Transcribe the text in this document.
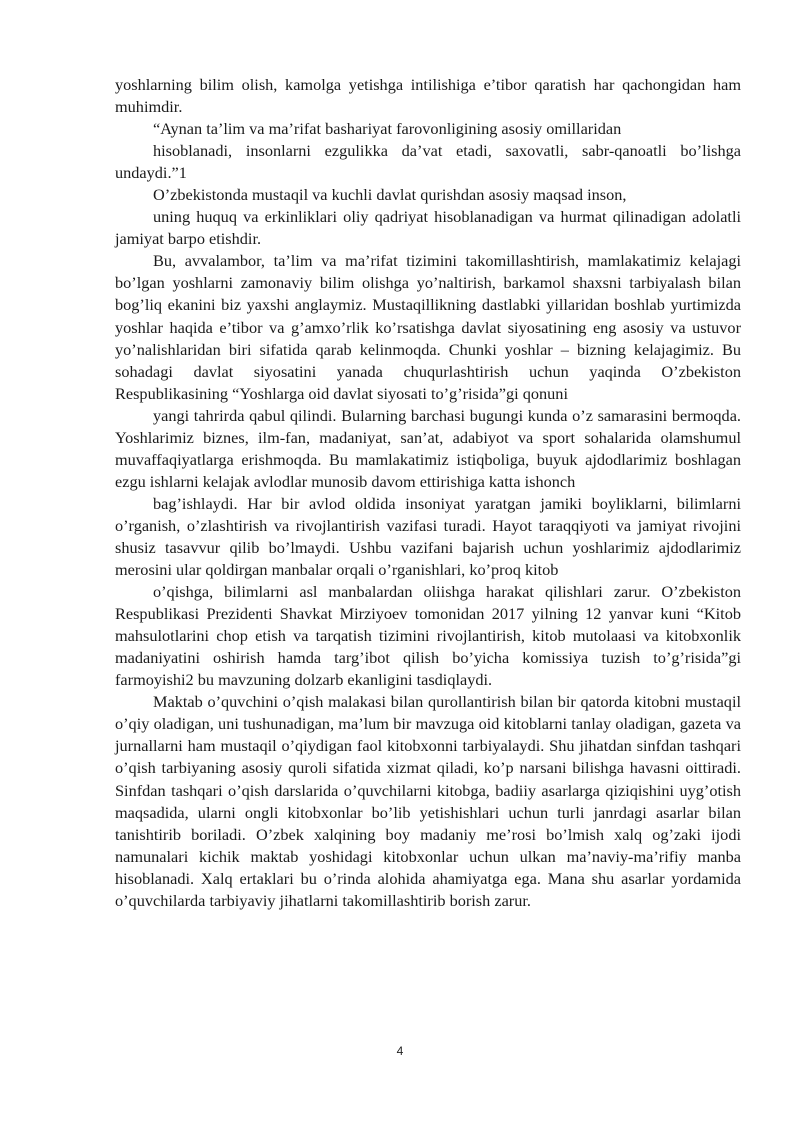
yoshlarning bilim olish, kamolga yetishga intilishiga e’tibor qaratish har qachongidan ham muhimdir.

“Aynan ta’lim va ma’rifat bashariyat farovonligining asosiy omillaridan

hisoblanadi, insonlarni ezgulikka da’vat etadi, saxovatli, sabr-qanoatli bo’lishga undaydi.”1

O’zbekistonda mustaqil va kuchli davlat qurishdan asosiy maqsad inson,

uning huquq va erkinliklari oliy qadriyat hisoblanadigan va hurmat qilinadigan adolatli jamiyat barpo etishdir.

Bu, avvalambor, ta’lim va ma’rifat tizimini takomillashtirish, mamlakatimiz kelajagi bo’lgan yoshlarni zamonaviy bilim olishga yo’naltirish, barkamol shaxsni tarbiyalash bilan bog’liq ekanini biz yaxshi anglaymiz. Mustaqillikning dastlabki yillaridan boshlab yurtimizda yoshlar haqida e’tibor va g’amxo’rlik ko’rsatishga davlat siyosatining eng asosiy va ustuvor yo’nalishlaridan biri sifatida qarab kelinmoqda. Chunki yoshlar – bizning kelajagimiz. Bu sohadagi davlat siyosatini yanada chuqurlashtirish uchun yaqinda O’zbekiston Respublikasining “Yoshlarga oid davlat siyosati to’g’risida”gi qonuni

yangi tahrirda qabul qilindi. Bularning barchasi bugungi kunda o’z samarasini bermoqda. Yoshlarimiz biznes, ilm-fan, madaniyat, san’at, adabiyot va sport sohalarida olamshumul muvaffaqiyatlarga erishmoqda. Bu mamlakatimiz istiqboliga, buyuk ajdodlarimiz boshlagan ezgu ishlarni kelajak avlodlar munosib davom ettirishiga katta ishonch

bag’ishlaydi. Har bir avlod oldida insoniyat yaratgan jamiki boyliklarni, bilimlarni o’rganish, o’zlashtirish va rivojlantirish vazifasi turadi. Hayot taraqqiyoti va jamiyat rivojini shusiz tasavvur qilib bo’lmaydi. Ushbu vazifani bajarish uchun yoshlarimiz ajdodlarimiz merosini ular qoldirgan manbalar orqali o’rganishlari, ko’proq kitob

o’qishga, bilimlarni asl manbalardan oliishga harakat qilishlari zarur. O’zbekiston Respublikasi Prezidenti Shavkat Mirziyoev tomonidan 2017 yilning 12 yanvar kuni “Kitob mahsulotlarini chop etish va tarqatish tizimini rivojlantirish, kitob mutolaasi va kitobxonlik madaniyatini oshirish hamda targ’ibot qilish bo’yicha komissiya tuzish to’g’risida”gi farmoyishi2 bu mavzuning dolzarb ekanligini tasdiqlaydi.

Maktab o’quvchini o’qish malakasi bilan qurollantirish bilan bir qatorda kitobni mustaqil o’qiy oladigan, uni tushunadigan, ma’lum bir mavzuga oid kitoblarni tanlay oladigan, gazeta va jurnallarni ham mustaqil o’qiydigan faol kitobxonni tarbiyalaydi. Shu jihatdan sinfdan tashqari o’qish tarbiyaning asosiy quroli sifatida xizmat qiladi, ko’p narsani bilishga havasni oittiradi. Sinfdan tashqari o’qish darslarida o’quvchilarni kitobga, badiiy asarlarga qiziqishini uyg’otish maqsadida, ularni ongli kitobxonlar bo’lib yetishishlari uchun turli janrdagi asarlar bilan tanishtirib boriladi. O’zbek xalqining boy madaniy me’rosi bo’lmish xalq og’zaki ijodi namunalari kichik maktab yoshidagi kitobxonlar uchun ulkan ma’naviy-ma’rifiy manba hisoblanadi. Xalq ertaklari bu o’rinda alohida ahamiyatga ega. Mana shu asarlar yordamida o’quvchilarda tarbiyaviy jihatlarni takomillashtirib borish zarur.

4
